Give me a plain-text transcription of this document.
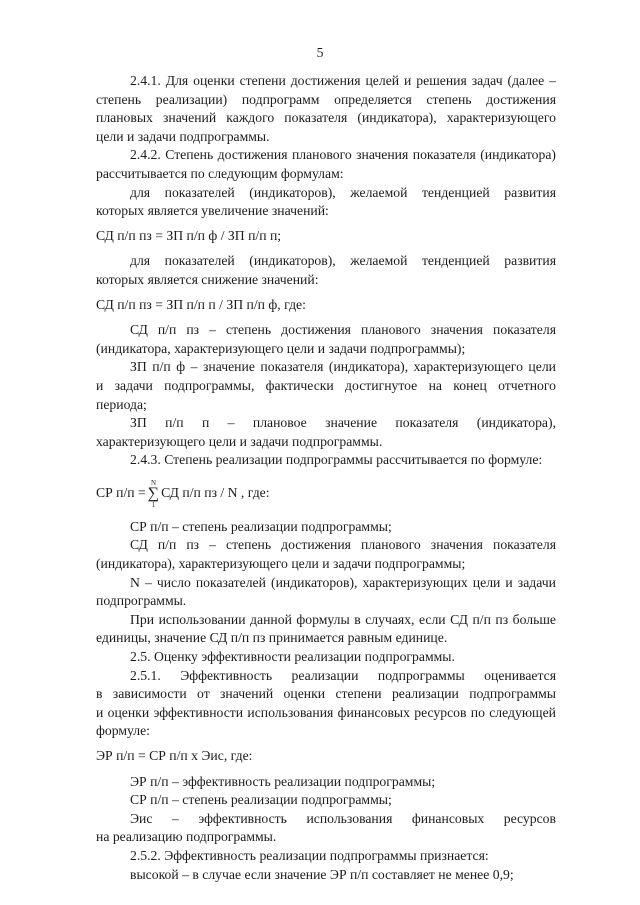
5

2.4.1. Для оценки степени достижения целей и решения задач (далее –

степень реализации) подпрограмм определяется степень достижения

плановых значений каждого показателя (индикатора), характеризующего

цели и задачи подпрограммы.

2.4.2. Степень достижения планового значения показателя (индикатора)

рассчитывается по следующим формулам:

для показателей (индикаторов), желаемой тенденцией развития

которых является увеличение значений:

СД п/п пз = ЗП п/п ф / ЗП п/п п;

для показателей (индикаторов), желаемой тенденцией развития

которых является снижение значений:

СД п/п пз = ЗП п/п п / ЗП п/п ф, где:

СД п/п пз – степень достижения планового значения показателя

(индикатора, характеризующего цели и задачи подпрограммы);

ЗП п/п ф – значение показателя (индикатора), характеризующего цели

и задачи подпрограммы, фактически достигнутое на конец отчетного

периода;

ЗП п/п п – плановое значение показателя (индикатора),

характеризующего цели и задачи подпрограммы.

2.4.3. Степень реализации подпрограммы рассчитывается по формуле:

СР п/п =
N
∑
1
СД п/п пз / N , где:

СР п/п – степень реализации подпрограммы;

СД п/п пз – степень достижения планового значения показателя

(индикатора), характеризующего цели и задачи подпрограммы;

N – число показателей (индикаторов), характеризующих цели и задачи

подпрограммы.

При использовании данной формулы в случаях, если СД п/п пз больше

единицы, значение СД п/п пз принимается равным единице.

2.5. Оценку эффективности реализации подпрограммы.

2.5.1. Эффективность реализации подпрограммы оценивается

в зависимости от значений оценки степени реализации подпрограммы

и оценки эффективности использования финансовых ресурсов по следующей

формуле:

ЭР п/п = СР п/п х Эис, где:

ЭР п/п – эффективность реализации подпрограммы;

СР п/п – степень реализации подпрограммы;

Эис – эффективность использования финансовых ресурсов

на реализацию подпрограммы.

2.5.2. Эффективность реализации подпрограммы признается:

высокой – в случае если значение ЭР п/п составляет не менее 0,9;
